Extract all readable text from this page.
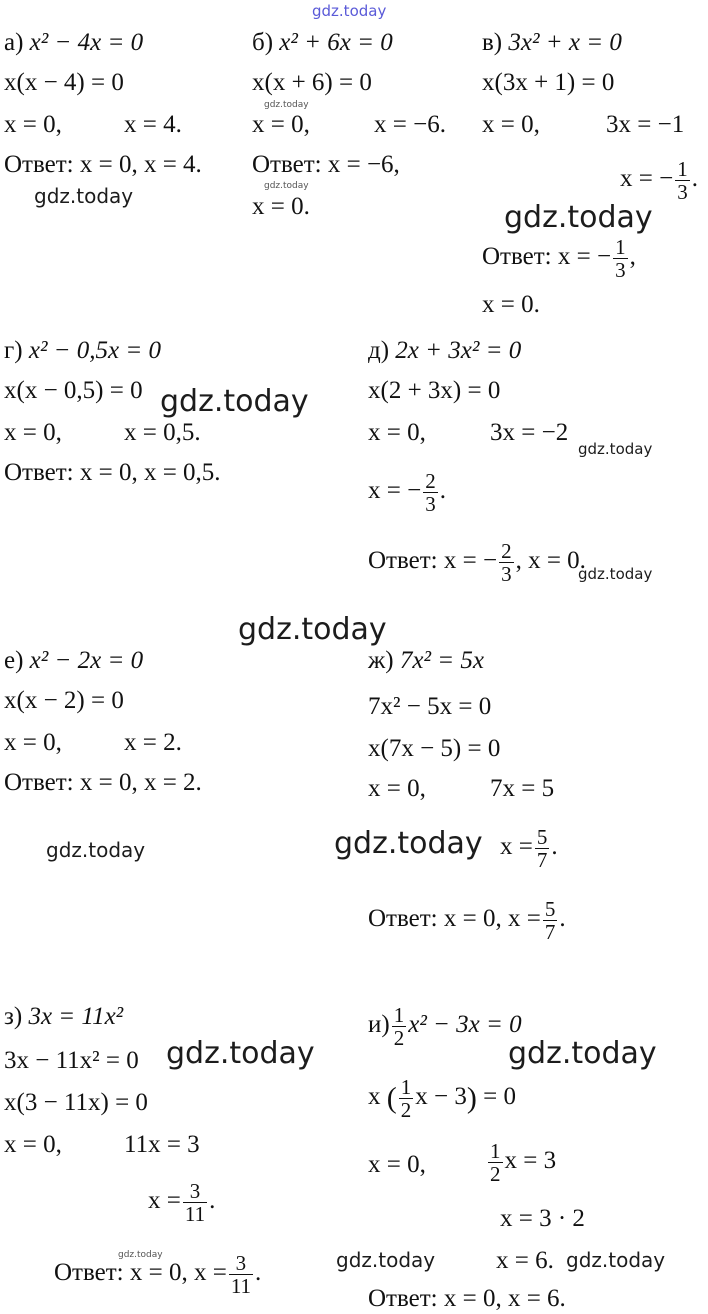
gdz.today
а) x² − 4x = 0
x(x − 4) = 0
x = 0, x = 4.
Ответ: x = 0, x = 4.
gdz.today
б) x² + 6x = 0
x(x + 6) = 0
gdz.today
x = 0,	x = −6.
Ответ: x = −6,
gdz.today
x = 0.
в) 3x² + x = 0
x(3x + 1) = 0
x = 0,	3x = −1
x = − $\frac{1}{3}$ .
gdz.today
Ответ: x = − $\frac{1}{3}$ ,
x = 0.
г) x² − 0,5x = 0
x(x − 0,5) = 0 gdz.today
x = 0, x = 0,5.
Ответ: x = 0, x = 0,5.
д) 2x + 3x² = 0
x(2 + 3x) = 0
x = 0,	3x = −2
gdz.today
x = − $\frac{2}{3}$ .
Ответ: x = − $\frac{2}{3}$ , x = 0.
gdz.today
gdz.today
е) x² − 2x = 0
x(x − 2) = 0
x = 0, x = 2.
Ответ: x = 0, x = 2.
gdz.today
ж) 7x² = 5x
7x² − 5x = 0
x(7x − 5) = 0
x = 0,	7x = 5
gdz.today $x = \frac{5}{7}$ .
Ответ: x = 0, $x = \frac{5}{7}$ .
з) 3x = 11x²
3x − 11x² = 0 gdz.today
x(3 − 11x) = 0
x = 0, 11x = 3
$x = \frac{3}{11}$ .
gdz.today
Ответ: x = 0, $x = \frac{3}{11}$ .	gdz.today
$и) \frac{1}{2} x^2 - 3x = 0$
gdz.today
x ( $\frac{1}{2}$ x − 3) = 0
x = 0,	$\frac{1}{2}$ x = 3
x = 3 · 2
x = 6. gdz.today
Ответ: x = 0, x = 6.
